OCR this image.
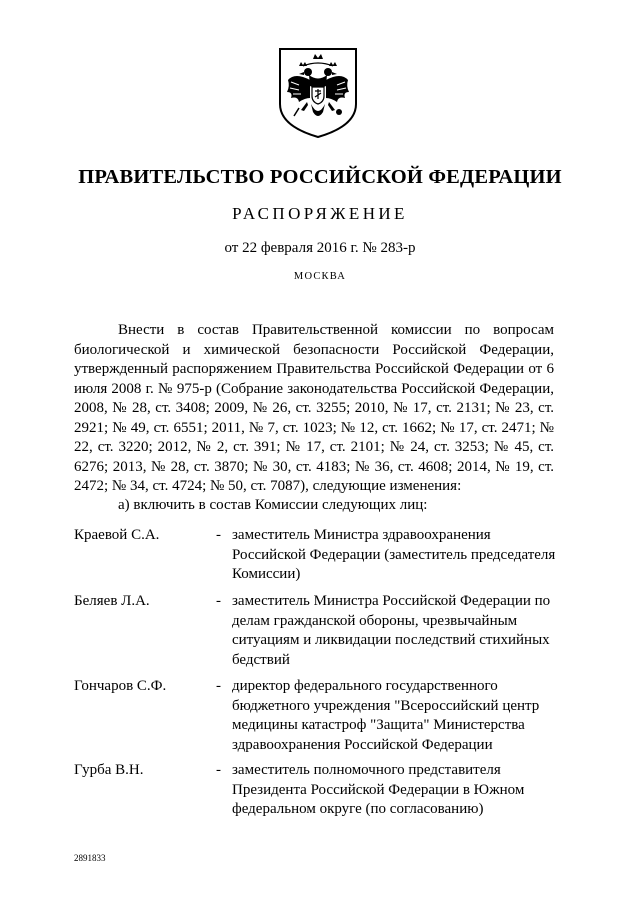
ПРАВИТЕЛЬСТВО РОССИЙСКОЙ ФЕДЕРАЦИИ
РАСПОРЯЖЕНИЕ
от 22 февраля 2016 г. № 283-р
МОСКВА

Внести в состав Правительственной комиссии по вопросам биологической и химической безопасности Российской Федерации, утвержденный распоряжением Правительства Российской Федерации от 6 июля 2008 г. № 975-р (Собрание законодательства Российской Федерации, 2008, № 28, ст. 3408; 2009, № 26, ст. 3255; 2010, № 17, ст. 2131; № 23, ст. 2921; № 49, ст. 6551; 2011, № 7, ст. 1023; № 12, ст. 1662; № 17, ст. 2471; № 22, ст. 3220; 2012, № 2, ст. 391; № 17, ст. 2101; № 24, ст. 3253; № 45, ст. 6276; 2013, № 28, ст. 3870; № 30, ст. 4183; № 36, ст. 4608; 2014, № 19, ст. 2472; № 34, ст. 4724; № 50, ст. 7087), следующие изменения:

а) включить в состав Комиссии следующих лиц:
Краевой С.А.	- заместитель Министра здравоохранения Российской Федерации (заместитель председателя Комиссии)
Беляев Л.А.	- заместитель Министра Российской Федерации по делам гражданской обороны, чрезвычайным ситуациям и ликвидации последствий стихийных бедствий
Гончаров С.Ф.	- директор федерального государственного бюджетного учреждения "Всероссийский центр медицины катастроф "Защита" Министерства здравоохранения Российской Федерации
Гурба В.Н.	- заместитель полномочного представителя Президента Российской Федерации в Южном федеральном округе (по согласованию)
2891833
